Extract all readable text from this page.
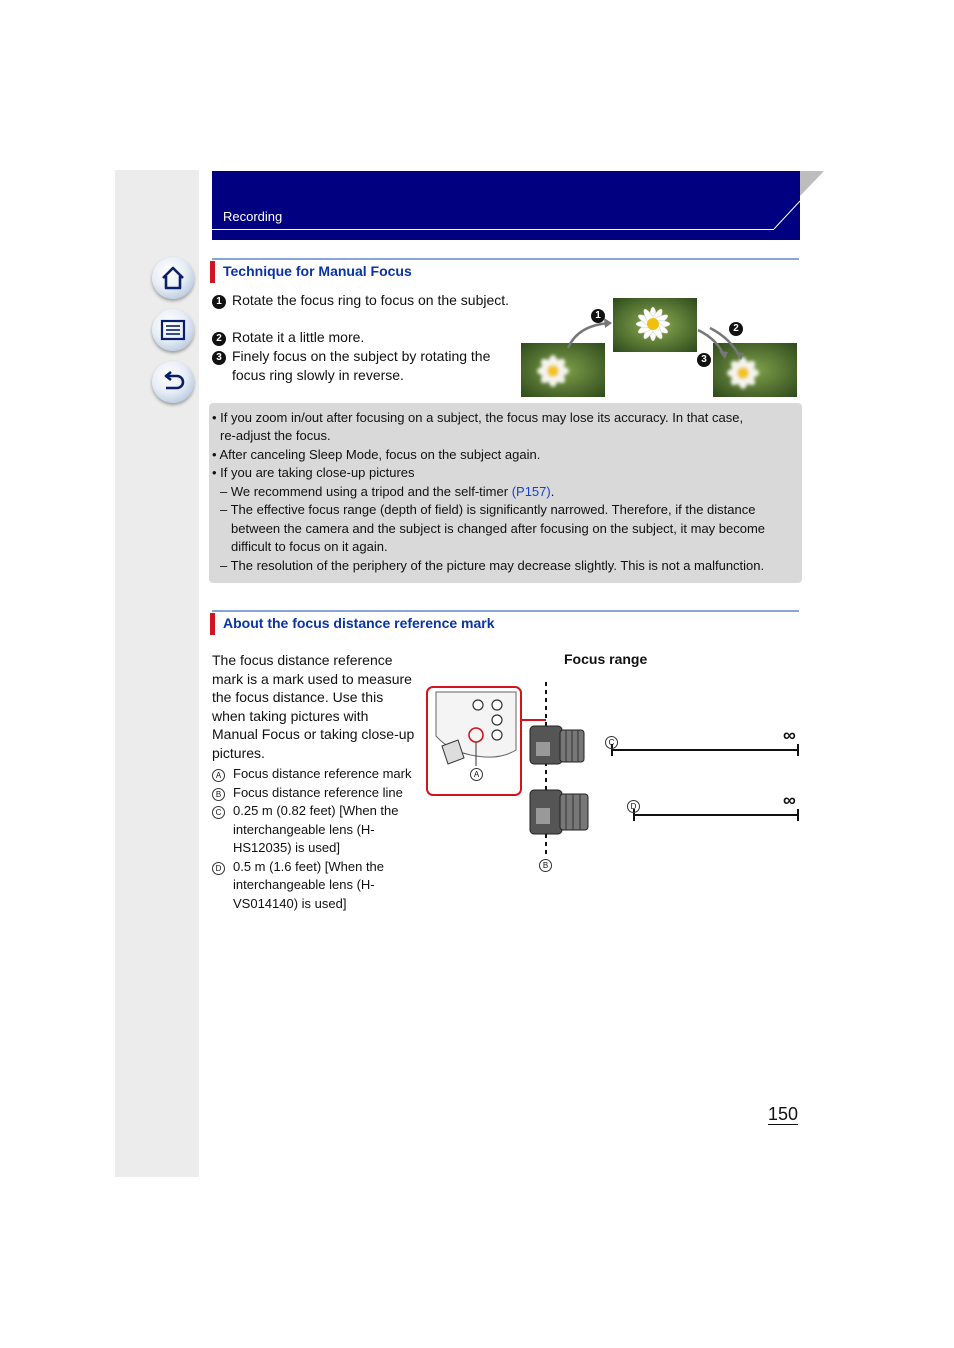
Recording
Technique for Manual Focus
1 Rotate the focus ring to focus on the subject.
2 Rotate it a little more.
3 Finely focus on the subject by rotating the focus ring slowly in reverse.
1
2
3
• If you zoom in/out after focusing on a subject, the focus may lose its accuracy. In that case,
re-adjust the focus.
• After canceling Sleep Mode, focus on the subject again.
• If you are taking close-up pictures
– We recommend using a tripod and the self-timer (P157).
– The effective focus range (depth of field) is significantly narrowed. Therefore, if the distance
between the camera and the subject is changed after focusing on the subject, it may become
difficult to focus on it again.
– The resolution of the periphery of the picture may decrease slightly. This is not a malfunction.
About the focus distance reference mark
The focus distance reference mark is a mark used to measure the focus distance. Use this when taking pictures with Manual Focus or taking close-up pictures.
A Focus distance reference mark
B Focus distance reference line
C 0.25 m (0.82 feet) [When the interchangeable lens (H-HS12035) is used]
D 0.5 m (1.6 feet) [When the interchangeable lens (H-VS014140) is used]
Focus range
A
B
C
D
∞
∞
150
